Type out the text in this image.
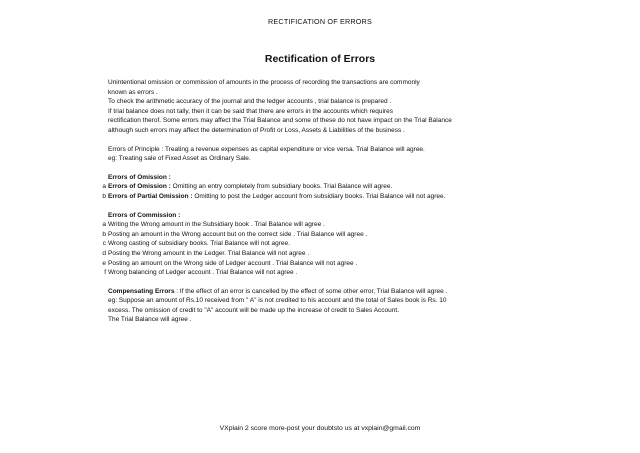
RECTIFICATION OF ERRORS
Rectification of Errors
Unintentional omission or commission of amounts in the process of recording the transactions are commonly
known as errors .
To check the arithmetic accuracy of the journal and the ledger accounts , trial balance is prepared .
If trial balance does not tally, then it can be said that there are errors in the accounts which requires
rectification therof. Some errors may affect the Trial Balance and some of these do not have impact on the Trial Balance
although such errors may affect the determination of Profit or Loss, Assets & Liabilities of the business .
Errors of Principle : Treating a revenue expenses as capital expenditure or vice versa. Trial Balance will agree.
eg: Treating sale of Fixed Asset as Ordinary Sale.
Errors of Omission :
a Errors of Omission : Omitting an entry completely from subsidiary books. Trial Balance will agree.
b Errors of Partial Omission : Omitting to post the Ledger account from subsidiary books. Trial Balance will not agree.
Errors of Commission :
a Writing the Wrong amount in the Subsidiary book . Trial Balance will agree .
b Posting an amount in the Wrong account but on the correct side . Trial Balance will agree .
c Wrong casting of subsidiary books. Trial Balance will not agree.
d Posting the Wrong amount in the Ledger. Trial Balance will not agree .
e Posting an amount on the Wrong side of Ledger account . Trial Balance will not agree .
f Wrong balancing of Ledger account . Trial Balance will not agree .
Compensating Errors : If the effect of an error is cancelled by the effect of some other error, Trial Balance will agree .
eg: Suppose an amount of Rs.10 received from " A" is not credited to his account and the total of Sales book is Rs. 10
excess. The omission of credit to "A" account will be made up the increase of credit to Sales Account.
The Trial Balance will agree .
VXplain 2 score more-post your doubtsto us at vxplain@gmail.com
